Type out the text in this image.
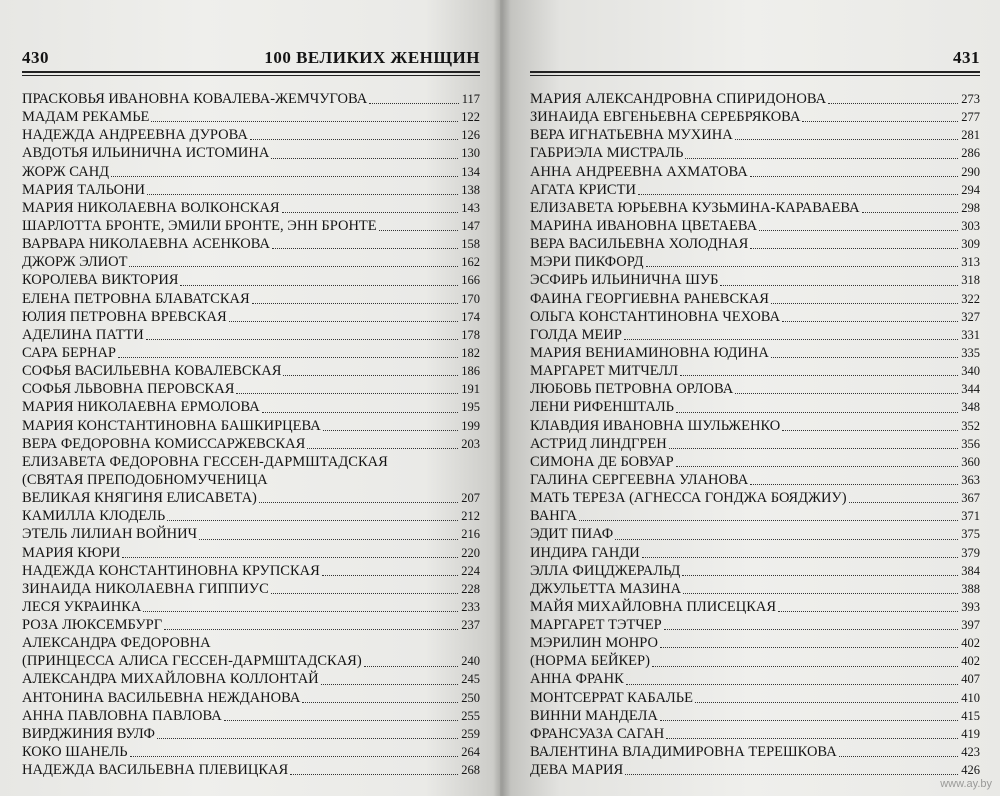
430	100 ВЕЛИКИХ ЖЕНЩИН
ПРАСКОВЬЯ ИВАНОВНА КОВАЛЕВА-ЖЕМЧУГОВА	117
МАДАМ РЕКАМЬЕ	122
НАДЕЖДА АНДРЕЕВНА ДУРОВА	126
АВДОТЬЯ ИЛЬИНИЧНА ИСТОМИНА	130
ЖОРЖ САНД	134
МАРИЯ ТАЛЬОНИ	138
МАРИЯ НИКОЛАЕВНА ВОЛКОНСКАЯ	143
ШАРЛОТТА БРОНТЕ, ЭМИЛИ БРОНТЕ, ЭНН БРОНТЕ	147
ВАРВАРА НИКОЛАЕВНА АСЕНКОВА	158
ДЖОРЖ ЭЛИОТ	162
КОРОЛЕВА ВИКТОРИЯ	166
ЕЛЕНА ПЕТРОВНА БЛАВАТСКАЯ	170
ЮЛИЯ ПЕТРОВНА ВРЕВСКАЯ	174
АДЕЛИНА ПАТТИ	178
САРА БЕРНАР	182
СОФЬЯ ВАСИЛЬЕВНА КОВАЛЕВСКАЯ	186
СОФЬЯ ЛЬВОВНА ПЕРОВСКАЯ	191
МАРИЯ НИКОЛАЕВНА ЕРМОЛОВА	195
МАРИЯ КОНСТАНТИНОВНА БАШКИРЦЕВА	199
ВЕРА ФЕДОРОВНА КОМИССАРЖЕВСКАЯ	203
ЕЛИЗАВЕТА ФЕДОРОВНА ГЕССЕН-ДАРМШТАДСКАЯ
(СВЯТАЯ ПРЕПОДОБНОМУЧЕНИЦА
ВЕЛИКАЯ КНЯГИНЯ ЕЛИСАВЕТА)	207
КАМИЛЛА КЛОДЕЛЬ	212
ЭТЕЛЬ ЛИЛИАН ВОЙНИЧ	216
МАРИЯ КЮРИ	220
НАДЕЖДА КОНСТАНТИНОВНА КРУПСКАЯ	224
ЗИНАИДА НИКОЛАЕВНА ГИППИУС	228
ЛЕСЯ УКРАИНКА	233
РОЗА ЛЮКСЕМБУРГ	237
АЛЕКСАНДРА ФЕДОРОВНА
(ПРИНЦЕССА АЛИСА ГЕССЕН-ДАРМШТАДСКАЯ)	240
АЛЕКСАНДРА МИХАЙЛОВНА КОЛЛОНТАЙ	245
АНТОНИНА ВАСИЛЬЕВНА НЕЖДАНОВА	250
АННА ПАВЛОВНА ПАВЛОВА	255
ВИРДЖИНИЯ ВУЛФ	259
КОКО ШАНЕЛЬ	264
НАДЕЖДА ВАСИЛЬЕВНА ПЛЕВИЦКАЯ	268
431
МАРИЯ АЛЕКСАНДРОВНА СПИРИДОНОВА	273
ЗИНАИДА ЕВГЕНЬЕВНА СЕРЕБРЯКОВА	277
ВЕРА ИГНАТЬЕВНА МУХИНА	281
ГАБРИЭЛА МИСТРАЛЬ	286
АННА АНДРЕЕВНА АХМАТОВА	290
АГАТА КРИСТИ	294
ЕЛИЗАВЕТА ЮРЬЕВНА КУЗЬМИНА-КАРАВАЕВА	298
МАРИНА ИВАНОВНА ЦВЕТАЕВА	303
ВЕРА ВАСИЛЬЕВНА ХОЛОДНАЯ	309
МЭРИ ПИКФОРД	313
ЭСФИРЬ ИЛЬИНИЧНА ШУБ	318
ФАИНА ГЕОРГИЕВНА РАНЕВСКАЯ	322
ОЛЬГА КОНСТАНТИНОВНА ЧЕХОВА	327
ГОЛДА МЕИР	331
МАРИЯ ВЕНИАМИНОВНА ЮДИНА	335
МАРГАРЕТ МИТЧЕЛЛ	340
ЛЮБОВЬ ПЕТРОВНА ОРЛОВА	344
ЛЕНИ РИФЕНШТАЛЬ	348
КЛАВДИЯ ИВАНОВНА ШУЛЬЖЕНКО	352
АСТРИД ЛИНДГРЕН	356
СИМОНА ДЕ БОВУАР	360
ГАЛИНА СЕРГЕЕВНА УЛАНОВА	363
МАТЬ ТЕРЕЗА (АГНЕССА ГОНДЖА БОЯДЖИУ)	367
ВАНГА	371
ЭДИТ ПИАФ	375
ИНДИРА ГАНДИ	379
ЭЛЛА ФИЦДЖЕРАЛЬД	384
ДЖУЛЬЕТТА МАЗИНА	388
МАЙЯ МИХАЙЛОВНА ПЛИСЕЦКАЯ	393
МАРГАРЕТ ТЭТЧЕР	397
МЭРИЛИН МОНРО	402
(НОРМА БЕЙКЕР)	402
АННА ФРАНК	407
МОНТСЕРРАТ КАБАЛЬЕ	410
ВИННИ МАНДЕЛА	415
ФРАНСУАЗА САГАН	419
ВАЛЕНТИНА ВЛАДИМИРОВНА ТЕРЕШКОВА	423
ДЕВА МАРИЯ	426
www.ay.by
